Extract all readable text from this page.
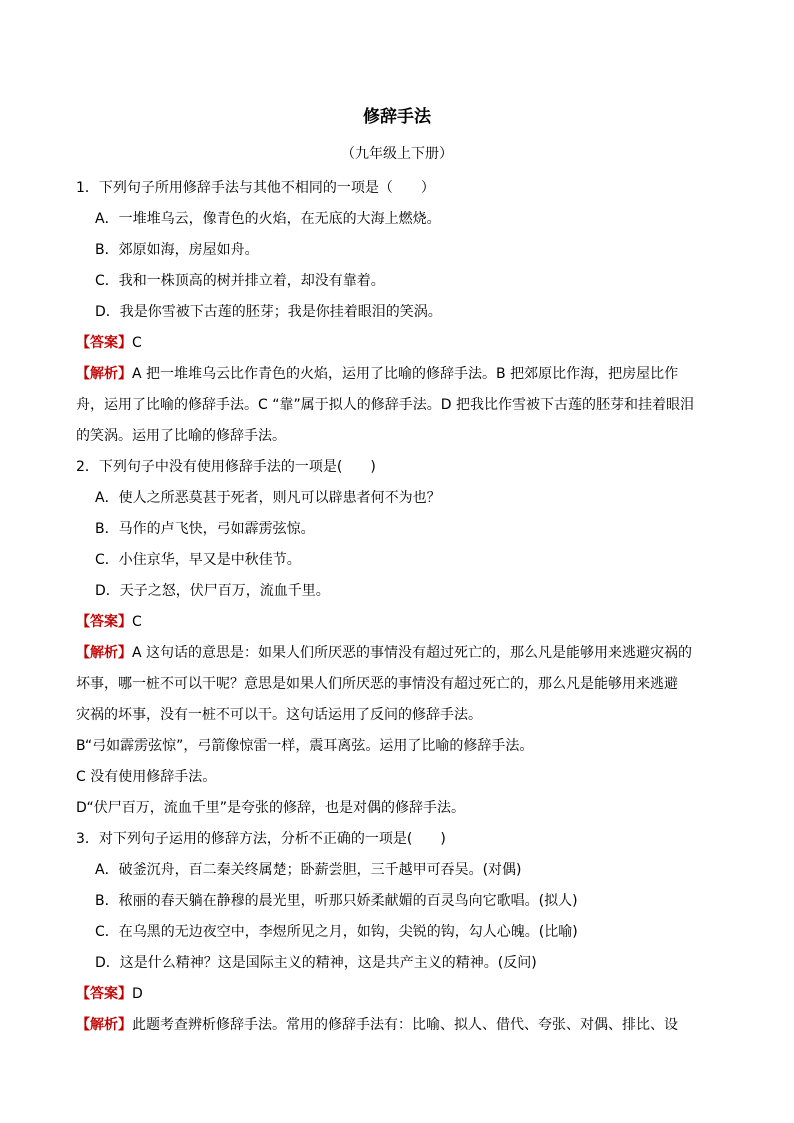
修辞手法
（九年级上下册）
1．下列句子所用修辞手法与其他不相同的一项是（　　）
A．一堆堆乌云，像青色的火焰，在无底的大海上燃烧。
B．郊原如海，房屋如舟。
C．我和一株顶高的树并排立着，却没有靠着。
D．我是你雪被下古莲的胚芽；我是你挂着眼泪的笑涡。
【答案】C
【解析】A 把一堆堆乌云比作青色的火焰，运用了比喻的修辞手法。B 把郊原比作海，把房屋比作
舟，运用了比喻的修辞手法。C “靠”属于拟人的修辞手法。D 把我比作雪被下古莲的胚芽和挂着眼泪
的笑涡。运用了比喻的修辞手法。
2．下列句子中没有使用修辞手法的一项是(　　)
A．使人之所恶莫甚于死者，则凡可以辟患者何不为也？
B．马作的卢飞快，弓如霹雳弦惊。
C．小住京华，早又是中秋佳节。
D．天子之怒，伏尸百万，流血千里。
【答案】C
【解析】A 这句话的意思是：如果人们所厌恶的事情没有超过死亡的，那么凡是能够用来逃避灾祸的
坏事，哪一桩不可以干呢？意思是如果人们所厌恶的事情没有超过死亡的，那么凡是能够用来逃避
灾祸的坏事，没有一桩不可以干。这句话运用了反问的修辞手法。
B“弓如霹雳弦惊”，弓箭像惊雷一样，震耳离弦。运用了比喻的修辞手法。
C 没有使用修辞手法。
D“伏尸百万，流血千里”是夸张的修辞，也是对偶的修辞手法。
3．对下列句子运用的修辞方法，分析不正确的一项是(　　)
A．破釜沉舟，百二秦关终属楚；卧薪尝胆，三千越甲可吞吴。(对偶)
B．秾丽的春天躺在静穆的晨光里，听那只娇柔献媚的百灵鸟向它歌唱。(拟人)
C．在乌黑的无边夜空中，李煜所见之月，如钩，尖锐的钩，勾人心魄。(比喻)
D．这是什么精神？这是国际主义的精神，这是共产主义的精神。(反问)
【答案】D
【解析】此题考查辨析修辞手法。常用的修辞手法有：比喻、拟人、借代、夸张、对偶、排比、设
